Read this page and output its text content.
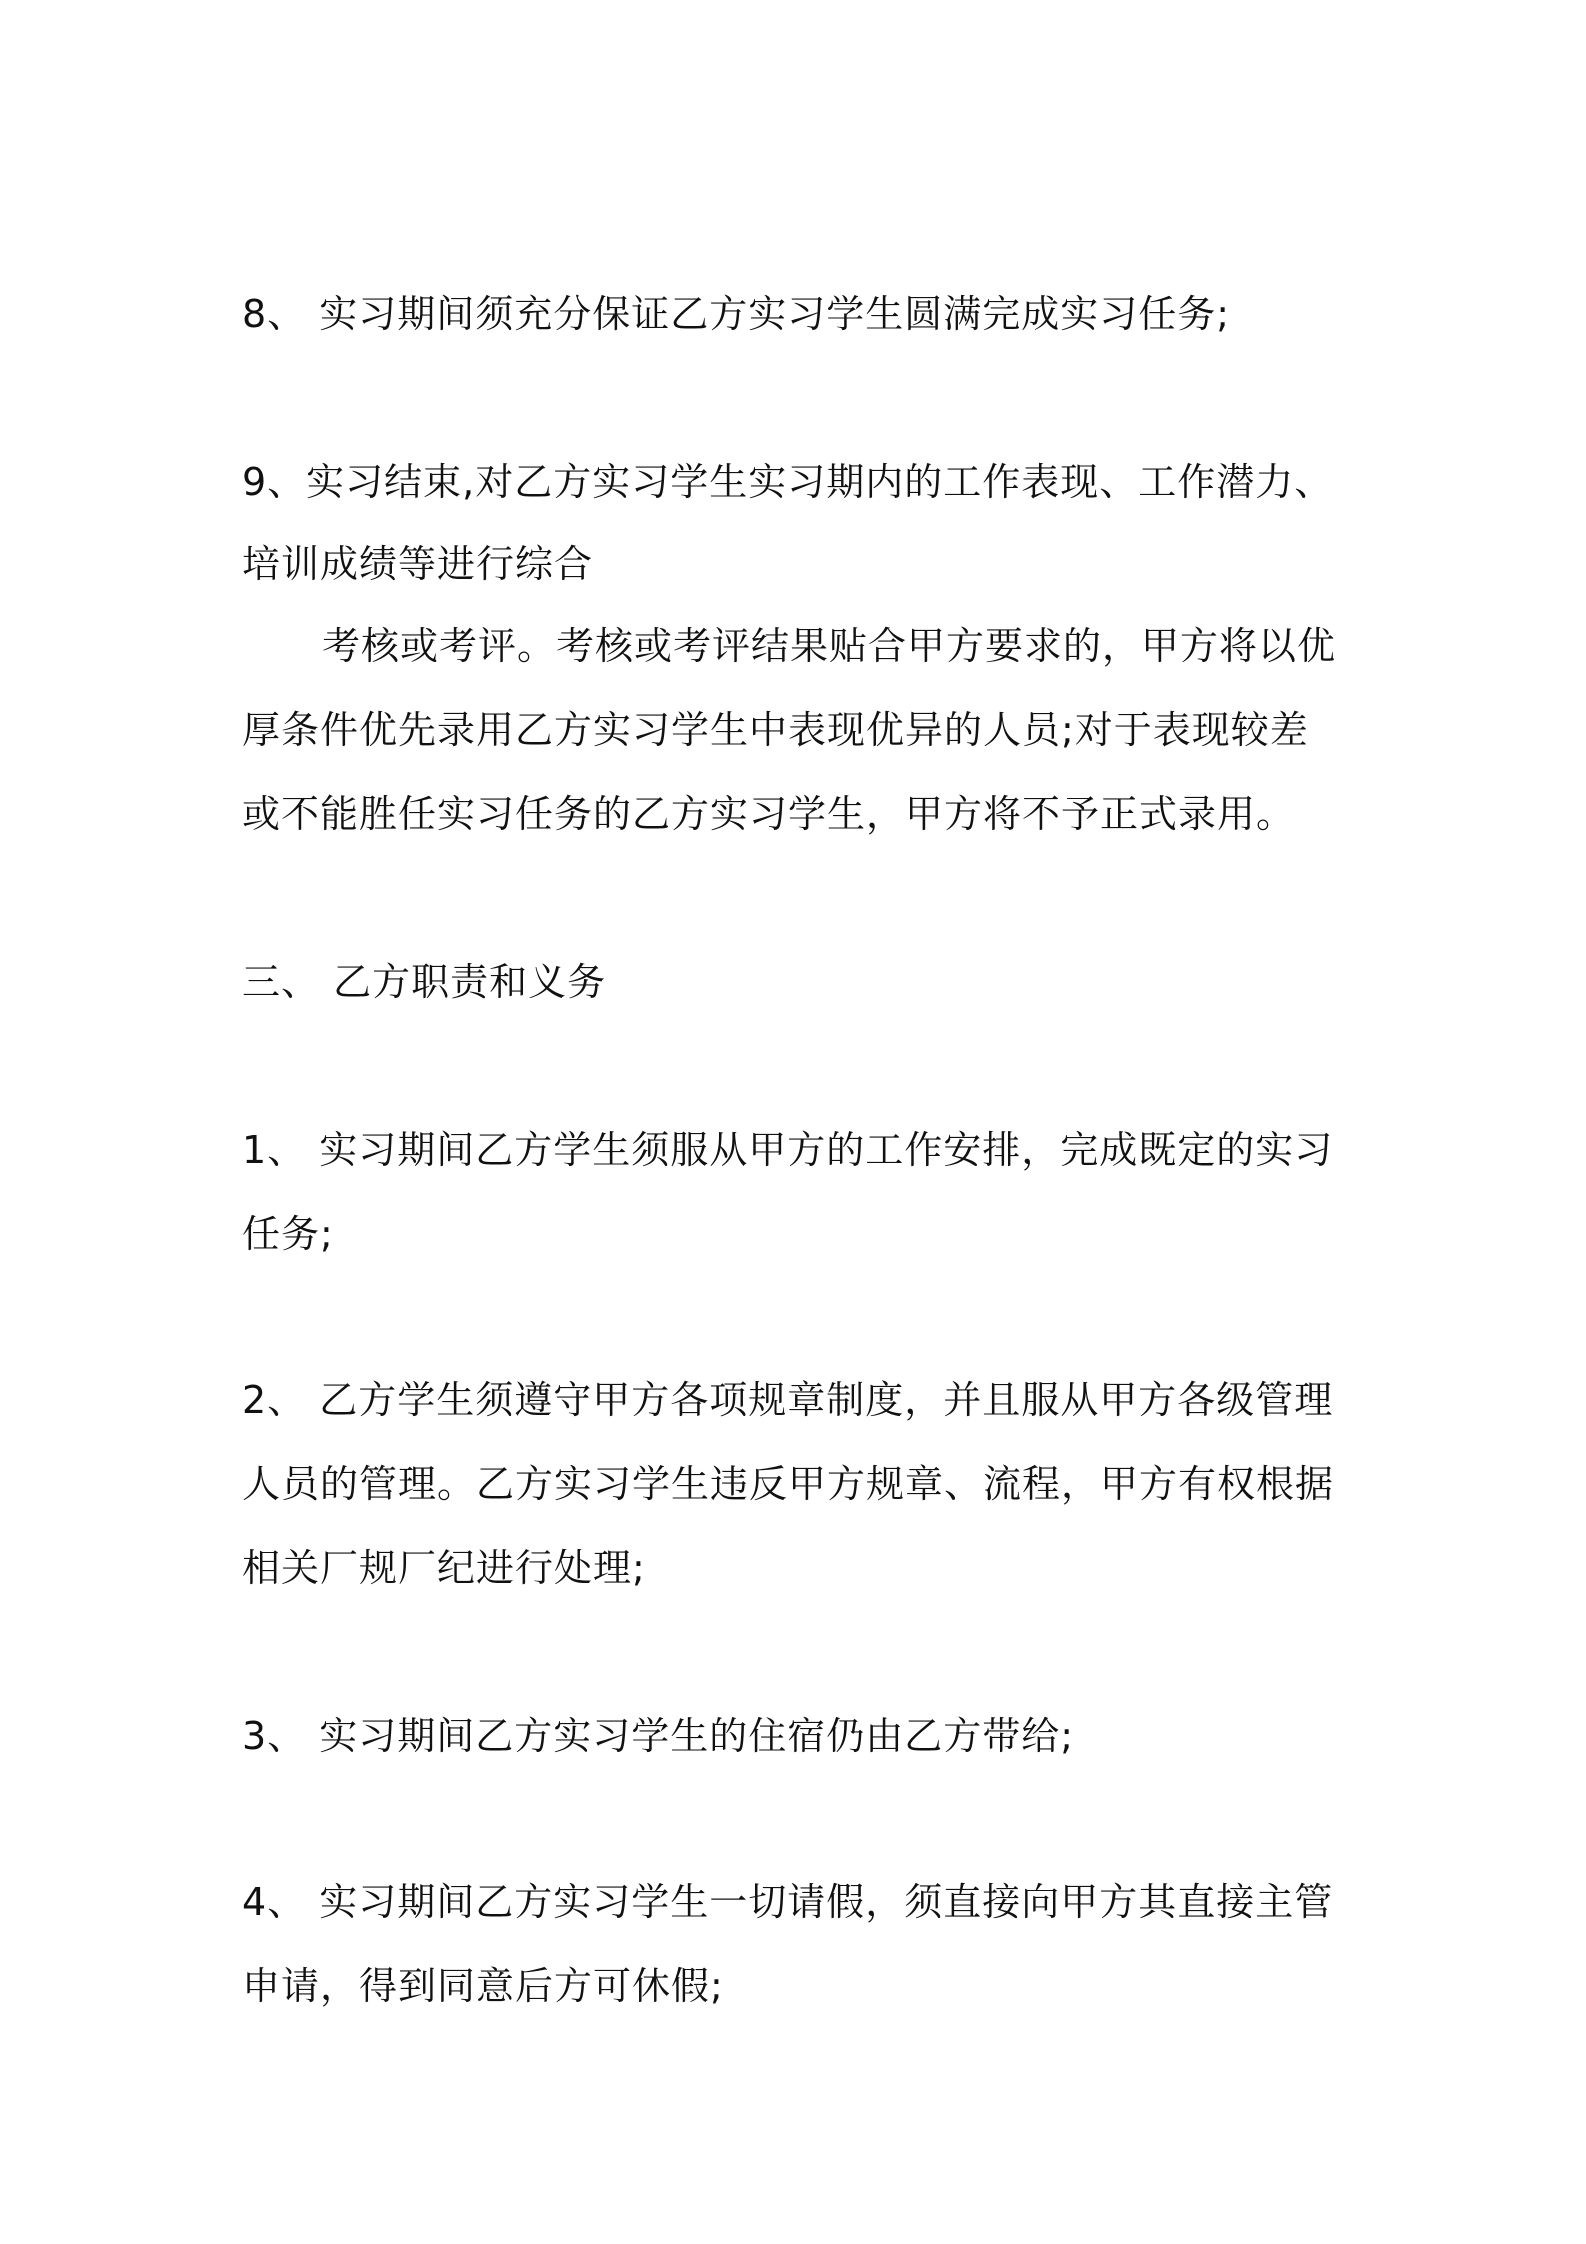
8、 实习期间须充分保证乙方实习学生圆满完成实习任务;
9、实习结束,对乙方实习学生实习期内的工作表现、工作潜力、
培训成绩等进行综合
考核或考评。考核或考评结果贴合甲方要求的，甲方将以优
厚条件优先录用乙方实习学生中表现优异的人员;对于表现较差
或不能胜任实习任务的乙方实习学生，甲方将不予正式录用。
三、 乙方职责和义务
1、 实习期间乙方学生须服从甲方的工作安排，完成既定的实习
任务;
2、 乙方学生须遵守甲方各项规章制度，并且服从甲方各级管理
人员的管理。乙方实习学生违反甲方规章、流程，甲方有权根据
相关厂规厂纪进行处理;
3、 实习期间乙方实习学生的住宿仍由乙方带给;
4、 实习期间乙方实习学生一切请假，须直接向甲方其直接主管
申请，得到同意后方可休假;
